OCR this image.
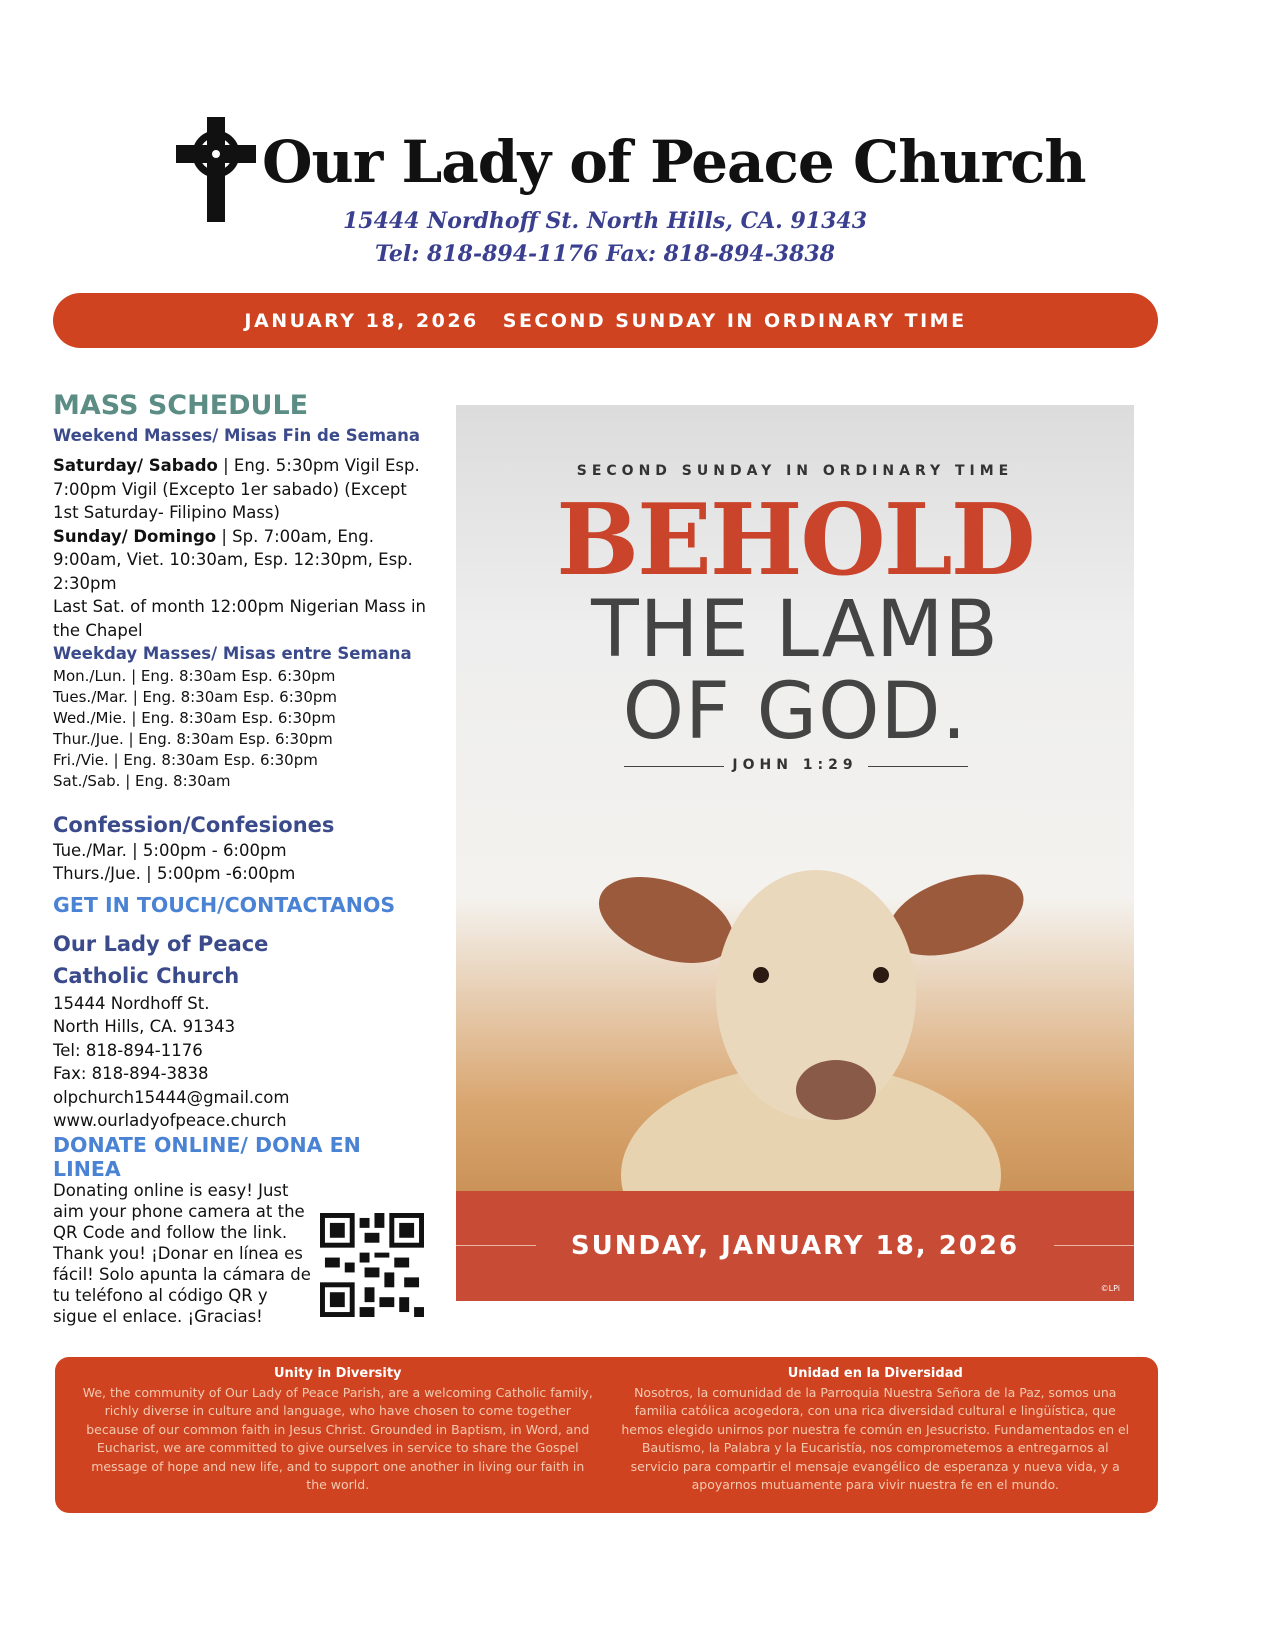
Our Lady of Peace Church
15444 Nordhoff St. North Hills, CA. 91343
Tel: 818-894-1176 Fax: 818-894-3838
JANUARY 18, 2026 SECOND SUNDAY IN ORDINARY TIME
MASS SCHEDULE
Weekend Masses/ Misas Fin de Semana
Saturday/ Sabado | Eng. 5:30pm Vigil Esp. 7:00pm Vigil (Excepto 1er sabado) (Except 1st Saturday- Filipino Mass)
Sunday/ Domingo | Sp. 7:00am, Eng. 9:00am, Viet. 10:30am, Esp. 12:30pm, Esp. 2:30pm
Last Sat. of month 12:00pm Nigerian Mass in the Chapel
Weekday Masses/ Misas entre Semana
Mon./Lun. | Eng. 8:30am Esp. 6:30pm
Tues./Mar. | Eng. 8:30am Esp. 6:30pm
Wed./Mie. | Eng. 8:30am Esp. 6:30pm
Thur./Jue. | Eng. 8:30am Esp. 6:30pm
Fri./Vie. | Eng. 8:30am Esp. 6:30pm
Sat./Sab. | Eng. 8:30am
Confession/Confesiones
Tue./Mar. | 5:00pm - 6:00pm
Thurs./Jue. | 5:00pm -6:00pm
GET IN TOUCH/CONTACTANOS
Our Lady of Peace
Catholic Church
15444 Nordhoff St.
North Hills, CA. 91343
Tel: 818-894-1176
Fax: 818-894-3838
olpchurch15444@gmail.com
www.ourladyofpeace.church
DONATE ONLINE/ DONA EN LINEA
Donating online is easy! Just aim your phone camera at the QR Code and follow the link. Thank you! ¡Donar en línea es fácil! Solo apunta la cámara de tu teléfono al código QR y sigue el enlace. ¡Gracias!
SECOND SUNDAY IN ORDINARY TIME
BEHOLD
THE LAMB
OF GOD.
JOHN 1:29
SUNDAY, JANUARY 18, 2026
©LPi
Unity in Diversity
We, the community of Our Lady of Peace Parish, are a welcoming Catholic family, richly diverse in culture and language, who have chosen to come together because of our common faith in Jesus Christ. Grounded in Baptism, in Word, and Eucharist, we are committed to give ourselves in service to share the Gospel message of hope and new life, and to support one another in living our faith in the world.
Unidad en la Diversidad
Nosotros, la comunidad de la Parroquia Nuestra Señora de la Paz, somos una familia católica acogedora, con una rica diversidad cultural e lingüística, que hemos elegido unirnos por nuestra fe común en Jesucristo. Fundamentados en el Bautismo, la Palabra y la Eucaristía, nos comprometemos a entregarnos al servicio para compartir el mensaje evangélico de esperanza y nueva vida, y a apoyarnos mutuamente para vivir nuestra fe en el mundo.
